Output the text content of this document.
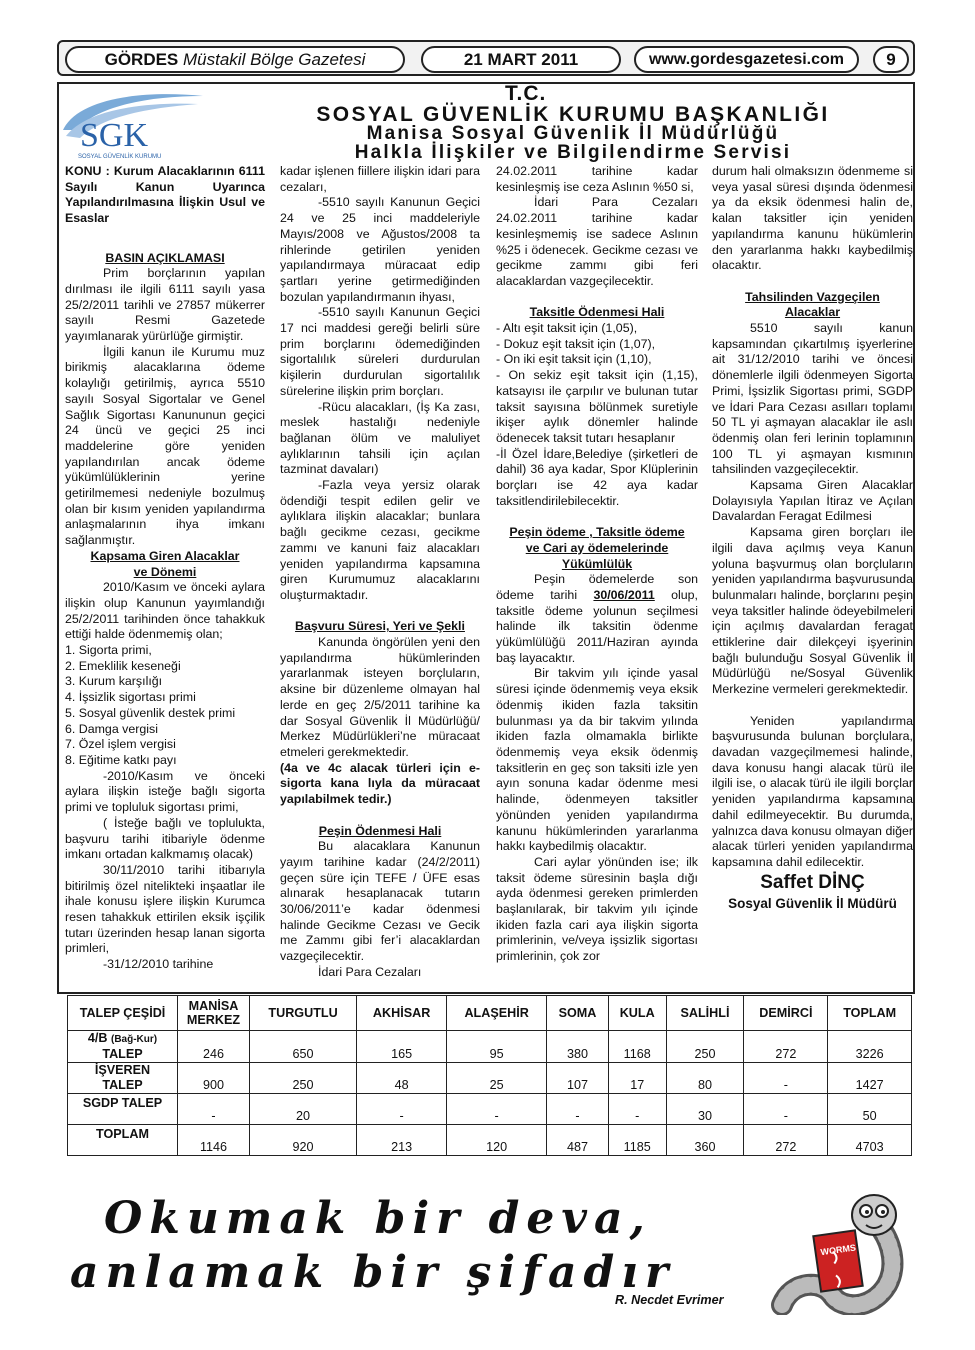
GÖRDES Müstakil Bölge Gazetesi	21 MART 2011	www.gordesgazetesi.com	9
SGK
SOSYAL GÜVENLİK KURUMU
T.C.
SOSYAL GÜVENLİK KURUMU BAŞKANLIĞI
Manisa Sosyal Güvenlik İl Müdürlüğü
Halkla İlişkiler ve Bilgilendirme Servisi

KONU : Kurum Alacaklarının 6111 Sayılı Kanun Uyarınca Yapılandırılmasına İlişkin Usul ve Esaslar

BASIN AÇIKLAMASI

Prim borçlarının yapılan dırılması ile ilgili 6111 sayılı yasa 25/2/2011 tarihli ve 27857 mükerrer sayılı Resmi Gazetede yayımlanarak yürürlüğe girmiştir.

İlgili kanun ile Kurumu muz birikmiş alacaklarına ödeme kolaylığı getirilmiş, ayrıca 5510 sayılı Sosyal Sigortalar ve Genel Sağlık Sigortası Kanununun geçici 24 üncü ve geçici 25 inci maddelerine göre yeniden yapılandırılan ancak ödeme yükümlülüklerinin yerine getirilmemesi nedeniyle bozulmuş olan bir kısım yeniden yapılandırma anlaşmalarının ihya imkanı sağlanmıştır.

Kapsama Giren Alacaklar

ve Dönemi

2010/Kasım ve önceki aylara ilişkin olup Kanunun yayımlandığı 25/2/2011 tarihinden önce tahakkuk ettiği halde ödenmemiş olan;

1. Sigorta primi,

2. Emeklilik keseneği

3. Kurum karşılığı

4. İşsizlik sigortası primi

5. Sosyal güvenlik destek primi

6. Damga vergisi

7. Özel işlem vergisi

8. Eğitime katkı payı

-2010/Kasım ve önceki aylara ilişkin isteğe bağlı sigorta primi ve topluluk sigortası primi,

( İsteğe bağlı ve toplulukta, başvuru tarihi itibariyle ödenme imkanı ortadan kalkmamış olacak)

30/11/2010 tarihi itibarıyla bitirilmiş özel nitelikteki inşaatlar ile ihale konusu işlere ilişkin Kurumca resen tahakkuk ettirilen eksik işçilik tutarı üzerinden hesap lanan sigorta primleri,

-31/12/2010 tarihine

kadar işlenen fiillere ilişkin idari para cezaları,

-5510 sayılı Kanunun Geçici 24 ve 25 inci maddeleriyle Mayıs/2008 ve Ağustos/2008 ta rihlerinde getirilen yeniden yapılandırmaya müracaat edip şartları yerine getirmediğinden bozulan yapılandırmanın ihyası,

-5510 sayılı Kanunun Geçici 17 nci maddesi gereği belirli süre prim borçlarını ödemediğinden sigortalılık süreleri durdurulan kişilerin durdurulan sigortalılık sürelerine ilişkin prim borçları.

-Rücu alacakları, (İş Ka zası, meslek hastalığı nedeniyle bağlanan ölüm ve maluliyet aylıklarının tahsili için açılan tazminat davaları)

-Fazla veya yersiz olarak ödendiği tespit edilen gelir ve aylıklara ilişkin alacaklar; bunlara bağlı gecikme cezası, gecikme zammı ve kanuni faiz alacakları yeniden yapılandırma kapsamına giren Kurumumuz alacaklarını oluşturmaktadır.

Başvuru Süresi, Yeri ve Şekli

Kanunda öngörülen yeni den yapılandırma hükümlerinden yararlanmak isteyen borçluların, aksine bir düzenleme olmayan hal lerde en geç 2/5/2011 tarihine ka dar Sosyal Güvenlik İl Müdürlüğü/ Merkez Müdürlükleri’ne müracaat etmeleri gerekmektedir.

(4a ve 4c alacak türleri için e-sigorta kana lıyla da müracaat yapılabilmek tedir.)

Peşin Ödenmesi Hali

Bu alacaklara Kanunun yayım tarihine kadar (24/2/2011) geçen süre için TEFE / ÜFE esas alınarak hesaplanacak tutarın 30/06/2011’e kadar ödenmesi halinde Gecikme Cezası ve Gecik me Zammı gibi fer’i alacaklardan vazgeçilecektir.

İdari Para Cezaları

24.02.2011 tarihine kadar kesinleşmiş ise ceza Aslının %50 si,

İdari Para Cezaları 24.02.2011 tarihine kadar kesinleşmemiş ise sadece Aslının %25 i ödenecek. Gecikme cezası ve gecikme zammı gibi feri alacaklardan vazgeçilecektir.

Taksitle Ödenmesi Hali

- Altı eşit taksit için (1,05),

- Dokuz eşit taksit için (1,07),

- On iki eşit taksit için (1,10),

- On sekiz eşit taksit için (1,15), katsayısı ile çarpılır ve bulunan tutar taksit sayısına bölünmek suretiyle ikişer aylık dönemler halinde ödenecek taksit tutarı hesaplanır

-İl Özel İdare,Belediye (şirketleri de dahil) 36 aya kadar, Spor Klüplerinin borçları ise 42 aya kadar taksitlendirilebilecektir.

Peşin ödeme , Taksitle ödeme

ve Cari ay ödemelerinde

Yükümlülük

Peşin ödemelerde son ödeme tarihi 30/06/2011 olup, taksitle ödeme yolunun seçilmesi halinde ilk taksitin ödenme yükümlülüğü 2011/Haziran ayında baş layacaktır.

Bir takvim yılı içinde yasal süresi içinde ödenmemiş veya eksik ödenmiş ikiden fazla taksitin bulunması ya da bir takvim yılında ikiden fazla olmamakla birlikte ödenmemiş veya eksik ödenmiş taksitlerin en geç son taksiti izle yen ayın sonuna kadar ödenme mesi halinde, ödenmeyen taksitler yönünden yeniden yapılandırma kanunu hükümlerinden yararlanma hakkı kaybedilmiş olacaktır.

Cari aylar yönünden ise; ilk taksit ödeme süresinin başla dığı ayda ödenmesi gereken primlerden başlanılarak, bir takvim yılı içinde ikiden fazla cari aya ilişkin sigorta primlerinin, ve/veya işsizlik sigortası primlerinin, çok zor

durum hali olmaksızın ödenmeme si veya yasal süresi dışında ödenmesi ya da eksik ödenmesi halin de, kalan taksitler için yeniden yapılandırma kanunu hükümlerin den yararlanma hakkı kaybedilmiş olacaktır.

Tahsilinden Vazgeçilen

Alacaklar

5510 sayılı kanun kapsamından çıkartılmış işyerlerine ait 31/12/2010 tarihi ve öncesi dönemlerle ilgili ödenmeyen Sigorta Primi, İşsizlik Sigortası primi, SGDP ve İdari Para Cezası asılları toplamı 50 TL yi aşmayan alacaklar ile aslı ödenmiş olan feri lerinin toplamının 100 TL yi aşmayan kısmının tahsilinden vazgeçilecektir.

Kapsama Giren Alacaklar Dolayısıyla Yapılan İtiraz ve Açılan Davalardan Feragat Edilmesi

Kapsama giren borçları ile ilgili dava açılmış veya Kanun yoluna başvurmuş olan borçluların yeniden yapılandırma başvurusunda bulunmaları halinde, borçlarını peşin veya taksitler halinde ödeyebilmeleri için açılmış davalardan feragat ettiklerine dair dilekçeyi işyerinin bağlı bulunduğu Sosyal Güvenlik İl Müdürlüğü ne/Sosyal Güvenlik Merkezine vermeleri gerekmektedir.

Yeniden yapılandırma başvurusunda bulunan borçlulara, davadan vazgeçilmemesi halinde, dava konusu hangi alacak türü ile ilgili ise, o alacak türü ile ilgili borçlar yeniden yapılandırma kapsamına dahil edilmeyecektir. Bu durumda, yalnızca dava konusu olmayan diğer alacak türleri yeniden yapılandırma kapsamına dahil edilecektir.

Saffet DİNÇ

Sosyal Güvenlik İl Müdürü

TALEP ÇEŞİDİ	MANİSA MERKEZ	TURGUTLU	AKHİSAR	ALAŞEHİR	SOMA	KULA	SALİHLİ	DEMİRCİ	TOPLAM
4/B (Bağ-Kur)
TALEP	246	650	165	95	380	1168	250	272	3226
İŞVEREN
TALEP	900	250	48	25	107	17	80	-	1427
SGDP TALEP	-	20	-	-	-	-	30	-	50
TOPLAM	1146	920	213	120	487	1185	360	272	4703
Okumak bir deva,
anlamak bir şifadır
R. Necdet Evrimer
WORMS
